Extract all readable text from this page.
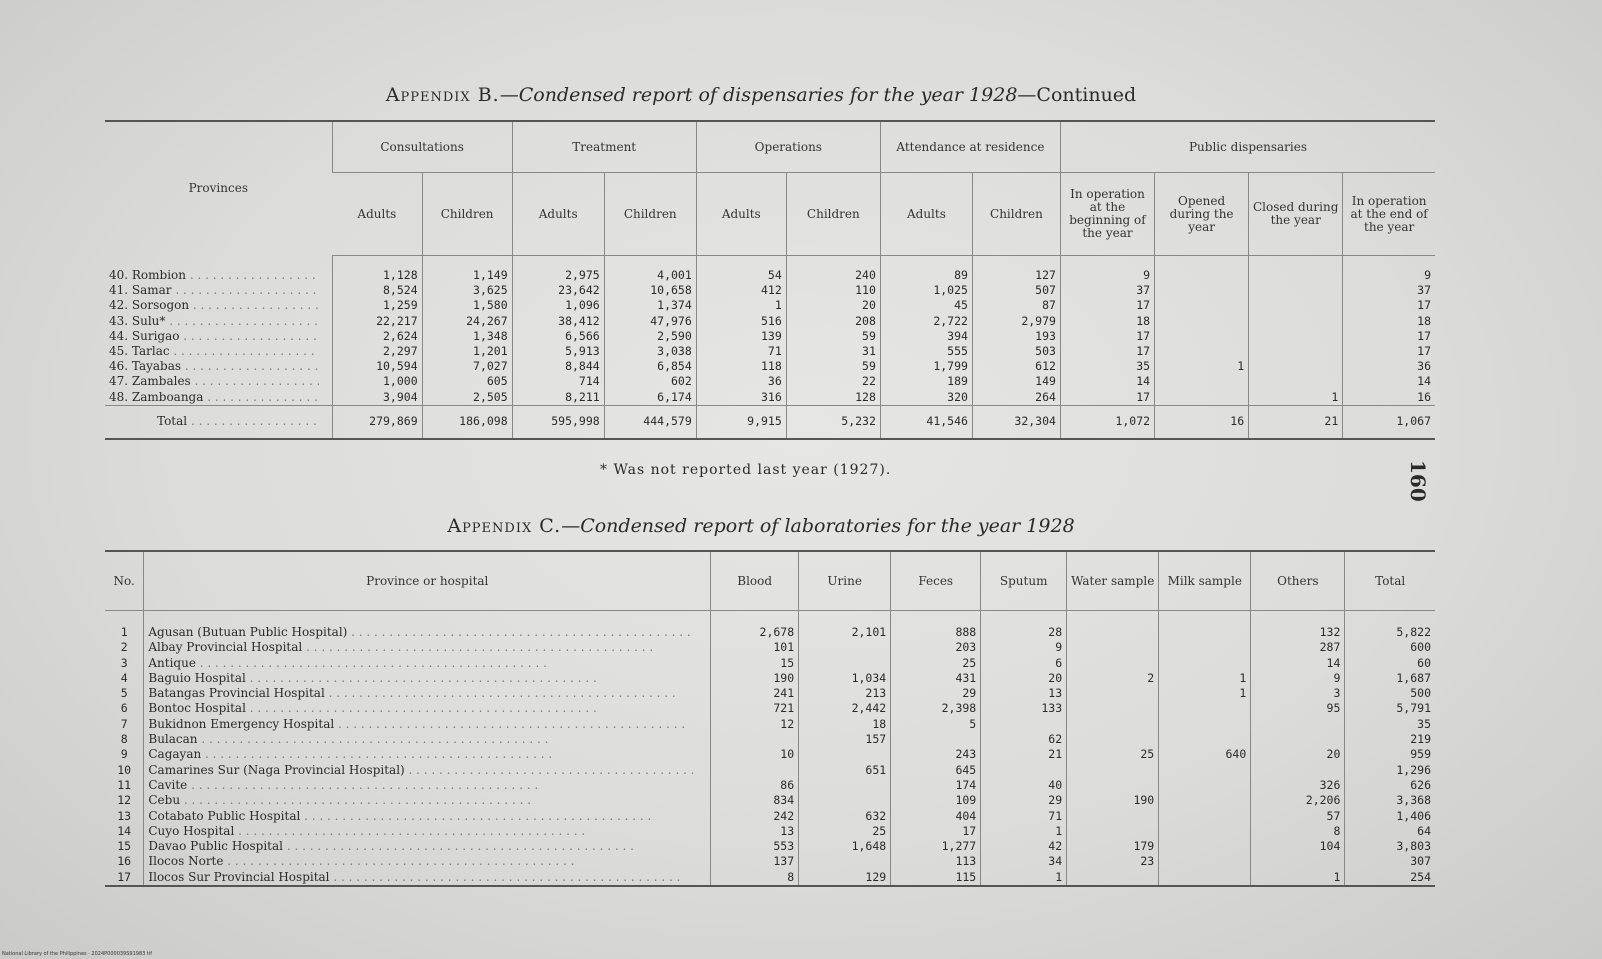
Appendix B.—Condensed report of dispensaries for the year 1928—Continued
Provinces	Consultations		Treatment		Operations		Attendance at residence		Public dispensaries			
	Adults	Children	Adults	Children	Adults	Children	Adults	Children	In operation at the beginning of the year	Opened during the year	Closed during the year	In operation at the end of the year

40. Rombion . . .	1,128	1,149	2,975	4,001	54	240	89	127	9			9

41. Samar . . .	8,524	3,625	23,642	10,658	412	110	1,025	507	37			37

42. Sorsogon . . .	1,259	1,580	1,096	1,374	1	20	45	87	17			17

43. Sulu* . . .	22,217	24,267	38,412	47,976	516	208	2,722	2,979	18			18

44. Surigao . . .	2,624	1,348	6,566	2,590	139	59	394	193	17			17

45. Tarlac . . .	2,297	1,201	5,913	3,038	71	31	555	503	17			17

46. Tayabas . . .	10,594	7,027	8,844	6,854	118	59	1,799	612	35	1		36

47. Zambales . . .	1,000	605	714	602	36	22	189	149	14			14

48. Zamboanga . . .	3,904	2,505	8,211	6,174	316	128	320	264	17		1	16

Total . . .	279,869	186,098	595,998	444,579	9,915	5,232	41,546	32,304	1,072	16	21	1,067
* Was not reported last year (1927).
Appendix C.—Condensed report of laboratories for the year 1928
No.	Province or hospital	Blood	Urine	Feces	Sputum	Water sample	Milk sample	Others	Total
1	Agusan (Butuan Public Hospital) . . .	2,678	2,101	888	28			132	5,822
2	Albay Provincial Hospital . . .	101		203	9			287	600
3	Antique . . .	15		25	6			14	60
4	Baguio Hospital . . .	190	1,034	431	20	2	1	9	1,687
5	Batangas Provincial Hospital . . .	241	213	29	13		1	3	500
6	Bontoc Hospital . . .	721	2,442	2,398	133			95	5,791
7	Bukidnon Emergency Hospital . . .	12	18	5					35
8	Bulacan . . .		157		62				219
9	Cagayan . . .	10		243	21	25	640	20	959
10	Camarines Sur (Naga Provincial Hospital) . . .		651	645					1,296
11	Cavite . . .	86		174	40			326	626
12	Cebu . . .	834		109	29	190		2,206	3,368
13	Cotabato Public Hospital . . .	242	632	404	71			57	1,406
14	Cuyo Hospital . . .	13	25	17	1			8	64
15	Davao Public Hospital . . .	553	1,648	1,277	42	179		104	3,803
16	Ilocos Norte . . .	137		113	34	23			307
17	Ilocos Sur Provincial Hospital . . .	8	129	115	1			1	254
160
National Library of the Philippines · 2024P000039S91983 tif
